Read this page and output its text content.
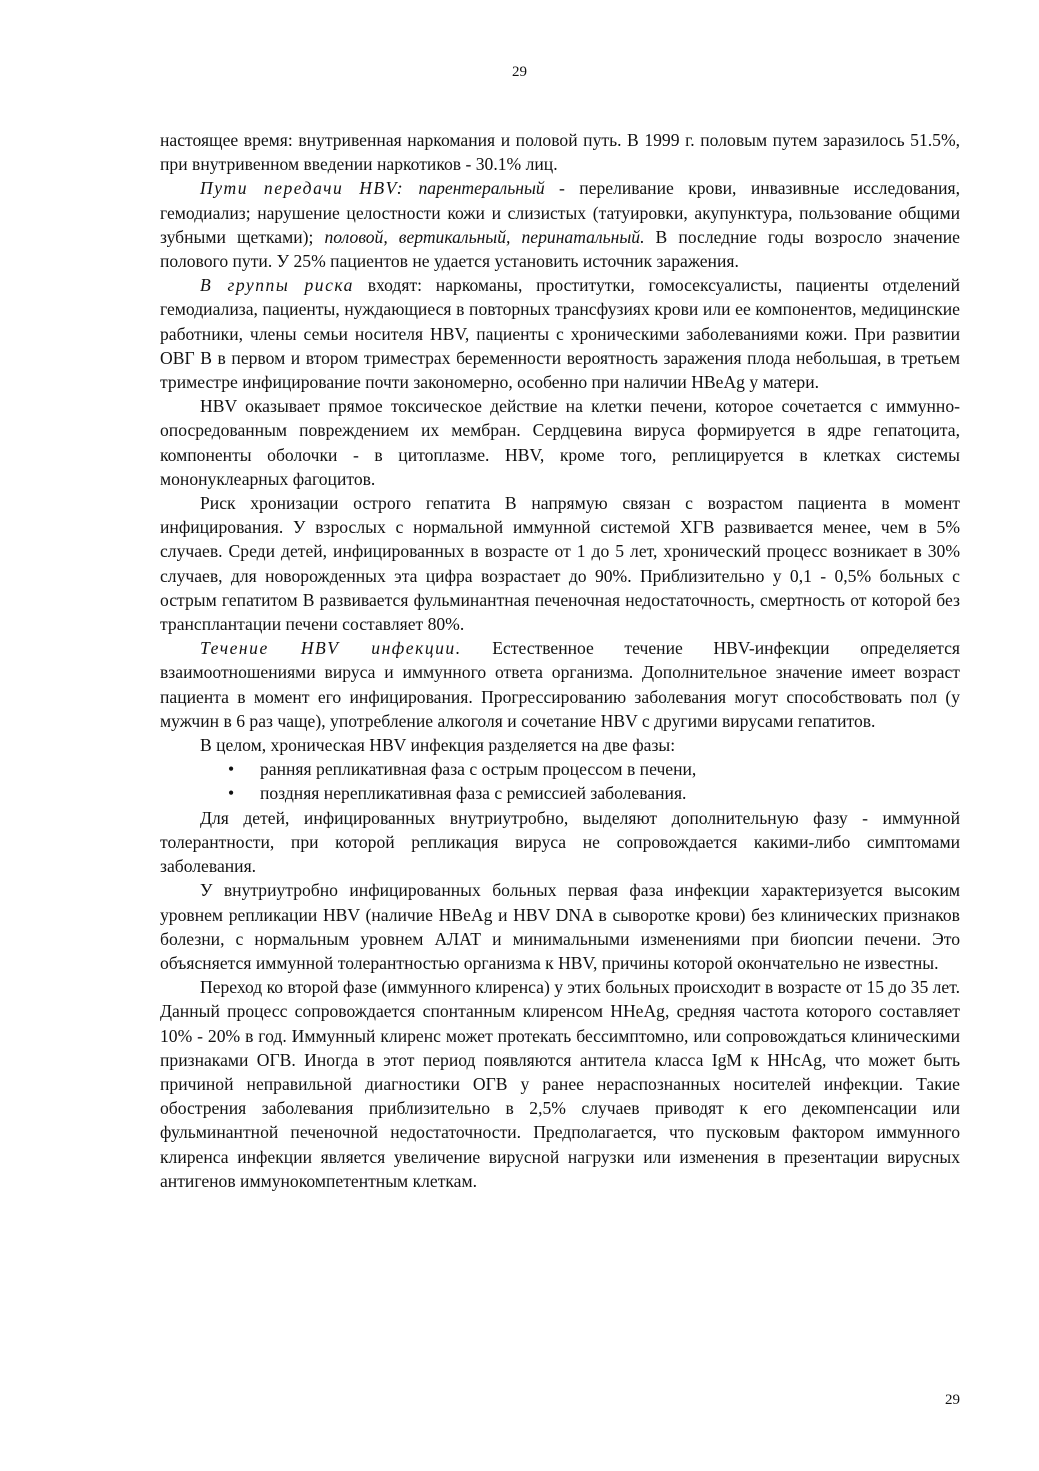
29

настоящее время: внутривенная наркомания и половой путь. В 1999 г. половым путем заразилось 51.5%, при внутривенном введении наркотиков - 30.1% лиц.

Пути передачи HBV: парентеральный - переливание крови, инвазивные исследования, гемодиализ; нарушение целостности кожи и слизистых (татуировки, акупунктура, пользование общими зубными щетками); половой, вертикальный, перинатальный. В последние годы возросло значение полового пути. У 25% пациентов не удается установить источник заражения.

В группы риска входят: наркоманы, проститутки, гомосексуалисты, пациенты отделений гемодиализа, пациенты, нуждающиеся в повторных трансфузиях крови или ее компонентов, медицинские работники, члены семьи носителя HBV, пациенты с хроническими заболеваниями кожи. При развитии ОВГ В в первом и втором триместрах беременности вероятность заражения плода небольшая, в третьем триместре инфицирование почти закономерно, особенно при наличии HBeAg у матери.

HBV оказывает прямое токсическое действие на клетки печени, которое сочетается с иммунно-опосредованным повреждением их мембран. Сердцевина вируса формируется в ядре гепатоцита, компоненты оболочки - в цитоплазме. HBV, кроме того, реплицируется в клетках системы мононуклеарных фагоцитов.

Риск хронизации острого гепатита В напрямую связан с возрастом пациента в момент инфицирования. У взрослых с нормальной иммунной системой ХГВ развивается менее, чем в 5% случаев. Среди детей, инфицированных в возрасте от 1 до 5 лет, хронический процесс возникает в 30% случаев, для новорожденных эта цифра возрастает до 90%. Приблизительно у 0,1 - 0,5% больных с острым гепатитом В развивается фульминантная печеночная недостаточность, смертность от которой без трансплантации печени составляет 80%.

Течение HBV инфекции. Естественное течение HBV-инфекции определяется взаимоотношениями вируса и иммунного ответа организма. Дополнительное значение имеет возраст пациента в момент его инфицирования. Прогрессированию заболевания могут способствовать пол (у мужчин в 6 раз чаще), употребление алкоголя и сочетание HBV с другими вирусами гепатитов.

В целом, хроническая HBV инфекция разделяется на две фазы:

• ранняя репликативная фаза с острым процессом в печени,
• поздняя нерепликативная фаза с ремиссией заболевания.

Для детей, инфицированных внутриутробно, выделяют дополнительную фазу - иммунной толерантности, при которой репликация вируса не сопровождается какими-либо симптомами заболевания.

У внутриутробно инфицированных больных первая фаза инфекции характеризуется высоким уровнем репликации HBV (наличие HBeAg и HBV DNA в сыворотке крови) без клинических признаков болезни, с нормальным уровнем АЛАТ и минимальными изменениями при биопсии печени. Это объясняется иммунной толерантностью организма к HBV, причины которой окончательно не известны.

Переход ко второй фазе (иммунного клиренса) у этих больных происходит в возрасте от 15 до 35 лет. Данный процесс сопровождается спонтанным клиренсом HHeAg, средняя частота которого составляет 10% - 20% в год. Иммунный клиренс может протекать бессимптомно, или сопровождаться клиническими признаками ОГВ. Иногда в этот период появляются антитела класса IgM к HHcAg, что может быть причиной неправильной диагностики ОГВ у ранее нераспознанных носителей инфекции. Такие обострения заболевания приблизительно в 2,5% случаев приводят к его декомпенсации или фульминантной печеночной недостаточности. Предполагается, что пусковым фактором иммунного клиренса инфекции является увеличение вирусной нагрузки или изменения в презентации вирусных антигенов иммунокомпетентным клеткам.

29
